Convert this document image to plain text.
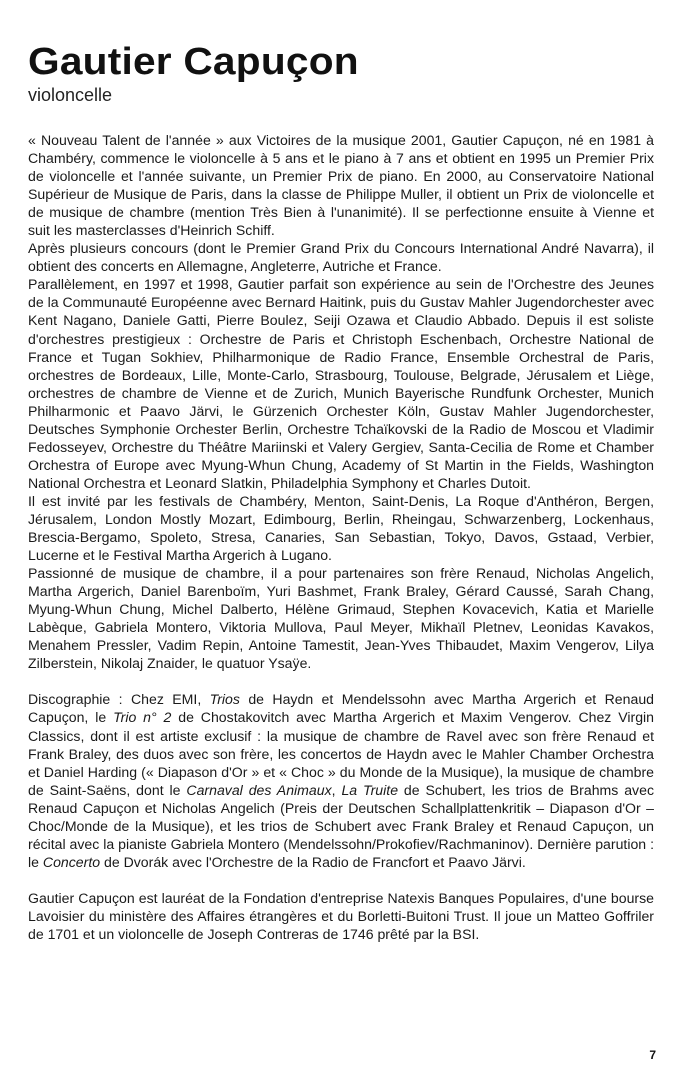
Gautier Capuçon

violoncelle

« Nouveau Talent de l'année » aux Victoires de la musique 2001, Gautier Capuçon, né en 1981 à Chambéry, commence le violoncelle à 5 ans et le piano à 7 ans et obtient en 1995 un Premier Prix de violoncelle et l'année suivante, un Premier Prix de piano. En 2000, au Conservatoire National Supérieur de Musique de Paris, dans la classe de Philippe Muller, il obtient un Prix de violoncelle et de musique de chambre (mention Très Bien à l'unanimité). Il se perfectionne ensuite à Vienne et suit les masterclasses d'Heinrich Schiff.

Après plusieurs concours (dont le Premier Grand Prix du Concours International André Navarra), il obtient des concerts en Allemagne, Angleterre, Autriche et France.

Parallèlement, en 1997 et 1998, Gautier parfait son expérience au sein de l'Orchestre des Jeunes de la Communauté Européenne avec Bernard Haitink, puis du Gustav Mahler Jugendorchester avec Kent Nagano, Daniele Gatti, Pierre Boulez, Seiji Ozawa et Claudio Abbado. Depuis il est soliste d'orchestres prestigieux : Orchestre de Paris et Christoph Eschenbach, Orchestre National de France et Tugan Sokhiev, Philharmonique de Radio France, Ensemble Orchestral de Paris, orchestres de Bordeaux, Lille, Monte-Carlo, Strasbourg, Toulouse, Belgrade, Jérusalem et Liège, orchestres de chambre de Vienne et de Zurich, Munich Bayerische Rundfunk Orchester, Munich Philharmonic et Paavo Järvi, le Gürzenich Orchester Köln, Gustav Mahler Jugendorchester, Deutsches Symphonie Orchester Berlin, Orchestre Tchaïkovski de la Radio de Moscou et Vladimir Fedosseyev, Orchestre du Théâtre Mariinski et Valery Gergiev, Santa-Cecilia de Rome et Chamber Orchestra of Europe avec Myung-Whun Chung, Academy of St Martin in the Fields, Washington National Orchestra et Leonard Slatkin, Philadelphia Symphony et Charles Dutoit.

Il est invité par les festivals de Chambéry, Menton, Saint-Denis, La Roque d'Anthéron, Bergen, Jérusalem, London Mostly Mozart, Edimbourg, Berlin, Rheingau, Schwarzenberg, Lockenhaus, Brescia-Bergamo, Spoleto, Stresa, Canaries, San Sebastian, Tokyo, Davos, Gstaad, Verbier, Lucerne et le Festival Martha Argerich à Lugano.

Passionné de musique de chambre, il a pour partenaires son frère Renaud, Nicholas Angelich, Martha Argerich, Daniel Barenboïm, Yuri Bashmet, Frank Braley, Gérard Caussé, Sarah Chang, Myung-Whun Chung, Michel Dalberto, Hélène Grimaud, Stephen Kovacevich, Katia et Marielle Labèque, Gabriela Montero, Viktoria Mullova, Paul Meyer, Mikhaïl Pletnev, Leonidas Kavakos, Menahem Pressler, Vadim Repin, Antoine Tamestit, Jean-Yves Thibaudet, Maxim Vengerov, Lilya Zilberstein, Nikolaj Znaider, le quatuor Ysaÿe.

Discographie : Chez EMI, Trios de Haydn et Mendelssohn avec Martha Argerich et Renaud Capuçon, le Trio n° 2 de Chostakovitch avec Martha Argerich et Maxim Vengerov. Chez Virgin Classics, dont il est artiste exclusif : la musique de chambre de Ravel avec son frère Renaud et Frank Braley, des duos avec son frère, les concertos de Haydn avec le Mahler Chamber Orchestra et Daniel Harding (« Diapason d'Or » et « Choc » du Monde de la Musique), la musique de chambre de Saint-Saëns, dont le Carnaval des Animaux, La Truite de Schubert, les trios de Brahms avec Renaud Capuçon et Nicholas Angelich (Preis der Deutschen Schallplattenkritik – Diapason d'Or – Choc/Monde de la Musique), et les trios de Schubert avec Frank Braley et Renaud Capuçon, un récital avec la pianiste Gabriela Montero (Mendelssohn/Prokofiev/Rachmaninov). Dernière parution : le Concerto de Dvorák avec l'Orchestre de la Radio de Francfort et Paavo Järvi.

Gautier Capuçon est lauréat de la Fondation d'entreprise Natexis Banques Populaires, d'une bourse Lavoisier du ministère des Affaires étrangères et du Borletti-Buitoni Trust. Il joue un Matteo Goffriler de 1701 et un violoncelle de Joseph Contreras de 1746 prêté par la BSI.

7
